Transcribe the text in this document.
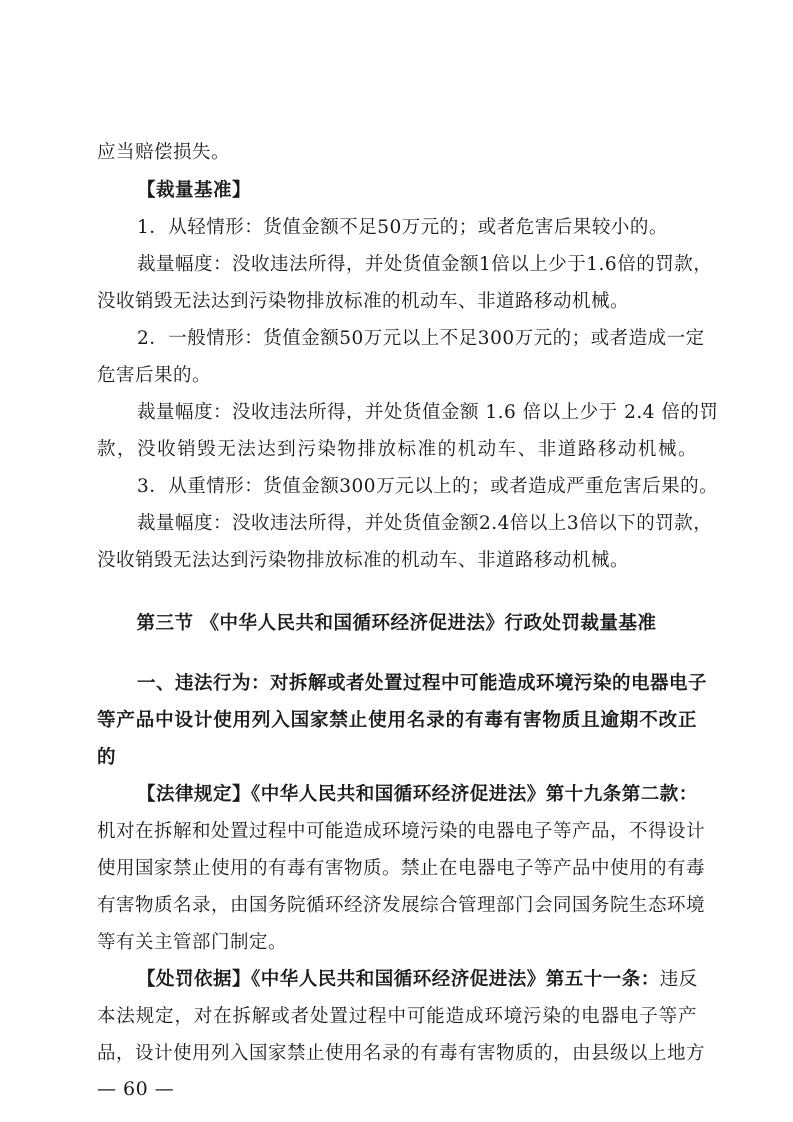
应当赔偿损失。
【裁量基准】
1．从轻情形：货值金额不足50万元的；或者危害后果较小的。
裁量幅度：没收违法所得，并处货值金额1倍以上少于1.6倍的罚款，
没收销毁无法达到污染物排放标准的机动车、非道路移动机械。
2．一般情形：货值金额50万元以上不足300万元的；或者造成一定
危害后果的。
裁量幅度：没收违法所得，并处货值金额 1.6 倍以上少于 2.4 倍的罚
款，没收销毁无法达到污染物排放标准的机动车、非道路移动机械。
3．从重情形：货值金额300万元以上的；或者造成严重危害后果的。
裁量幅度：没收违法所得，并处货值金额2.4倍以上3倍以下的罚款，
没收销毁无法达到污染物排放标准的机动车、非道路移动机械。
第三节 《中华人民共和国循环经济促进法》行政处罚裁量基准
一、违法行为：对拆解或者处置过程中可能造成环境污染的电器电子
等产品中设计使用列入国家禁止使用名录的有毒有害物质且逾期不改正
的
【法律规定】《中华人民共和国循环经济促进法》第十九条第二款：
机对在拆解和处置过程中可能造成环境污染的电器电子等产品，不得设计
使用国家禁止使用的有毒有害物质。禁止在电器电子等产品中使用的有毒
有害物质名录，由国务院循环经济发展综合管理部门会同国务院生态环境
等有关主管部门制定。
【处罚依据】《中华人民共和国循环经济促进法》第五十一条：违反
本法规定，对在拆解或者处置过程中可能造成环境污染的电器电子等产
品，设计使用列入国家禁止使用名录的有毒有害物质的，由县级以上地方
— 60 —
